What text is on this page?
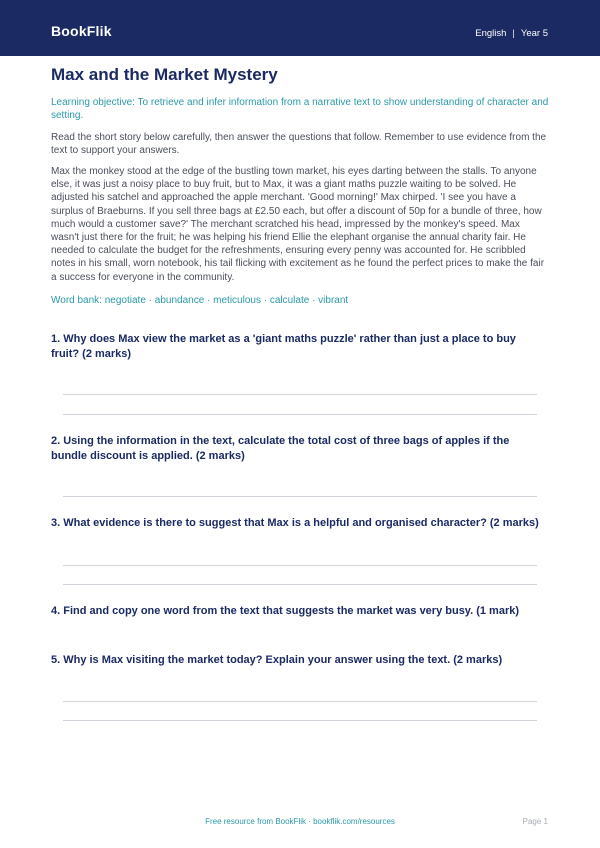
BookFlik	English | Year 5
Max and the Market Mystery

Learning objective: To retrieve and infer information from a narrative text to show understanding of character and setting.

Read the short story below carefully, then answer the questions that follow. Remember to use evidence from the text to support your answers.

Max the monkey stood at the edge of the bustling town market, his eyes darting between the stalls. To anyone else, it was just a noisy place to buy fruit, but to Max, it was a giant maths puzzle waiting to be solved. He adjusted his satchel and approached the apple merchant. 'Good morning!' Max chirped. 'I see you have a surplus of Braeburns. If you sell three bags at £2.50 each, but offer a discount of 50p for a bundle of three, how much would a customer save?' The merchant scratched his head, impressed by the monkey's speed. Max wasn't just there for the fruit; he was helping his friend Ellie the elephant organise the annual charity fair. He needed to calculate the budget for the refreshments, ensuring every penny was accounted for. He scribbled notes in his small, worn notebook, his tail flicking with excitement as he found the perfect prices to make the fair a success for everyone in the community.

Word bank: negotiate · abundance · meticulous · calculate · vibrant

1. Why does Max view the market as a 'giant maths puzzle' rather than just a place to buy fruit? (2 marks)

2. Using the information in the text, calculate the total cost of three bags of apples if the bundle discount is applied. (2 marks)

3. What evidence is there to suggest that Max is a helpful and organised character? (2 marks)

4. Find and copy one word from the text that suggests the market was very busy. (1 mark)

5. Why is Max visiting the market today? Explain your answer using the text. (2 marks)

Free resource from BookFlik · bookflik.com/resources	Page 1
